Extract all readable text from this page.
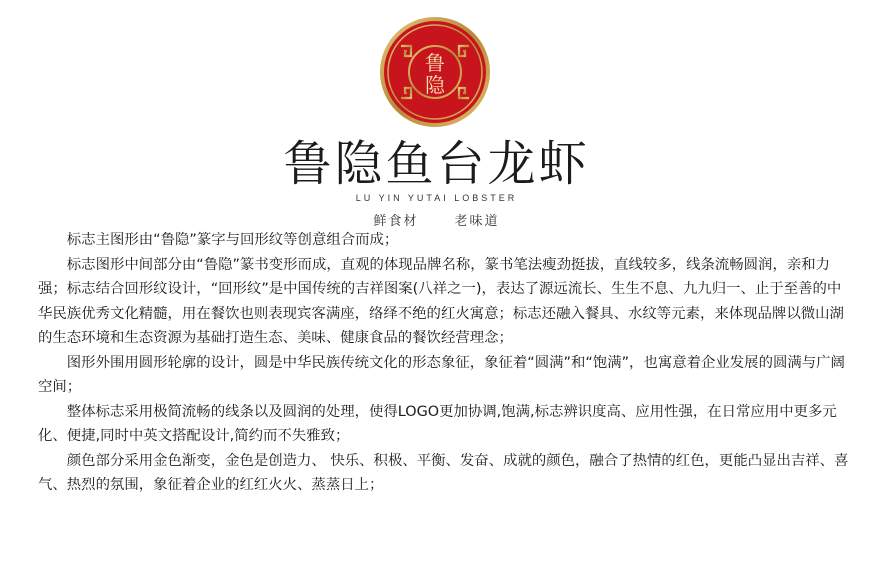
鲁
隐
鲁隐鱼台龙虾
LU YIN YUTAI LOBSTER
鲜食材	老味道

　　标志主图形由“鲁隐”篆字与回形纹等创意组合而成；

　　标志图形中间部分由“鲁隐”篆书变形而成，直观的体现品牌名称，篆书笔法瘦劲挺拔，直线较多，线条流畅圆润，亲和力强；标志结合回形纹设计，“回形纹”是中国传统的吉祥图案(八祥之一)，表达了源远流长、生生不息、九九归一、止于至善的中华民族优秀文化精髓，用在餐饮也则表现宾客满座，络绎不绝的红火寓意；标志还融入餐具、水纹等元素，来体现品牌以微山湖的生态环境和生态资源为基础打造生态、美味、健康食品的餐饮经营理念；

　　图形外围用圆形轮廓的设计，圆是中华民族传统文化的形态象征，象征着“圆满”和“饱满”，也寓意着企业发展的圆满与广阔空间；

　　整体标志采用极简流畅的线条以及圆润的处理，使得LOGO更加协调,饱满,标志辨识度高、应用性强，在日常应用中更多元化、便捷,同时中英文搭配设计,简约而不失雅致；

　　颜色部分采用金色渐变，金色是创造力、 快乐、积极、平衡、发奋、成就的颜色，融合了热情的红色，更能凸显出吉祥、喜气、热烈的氛围，象征着企业的红红火火、蒸蒸日上；
